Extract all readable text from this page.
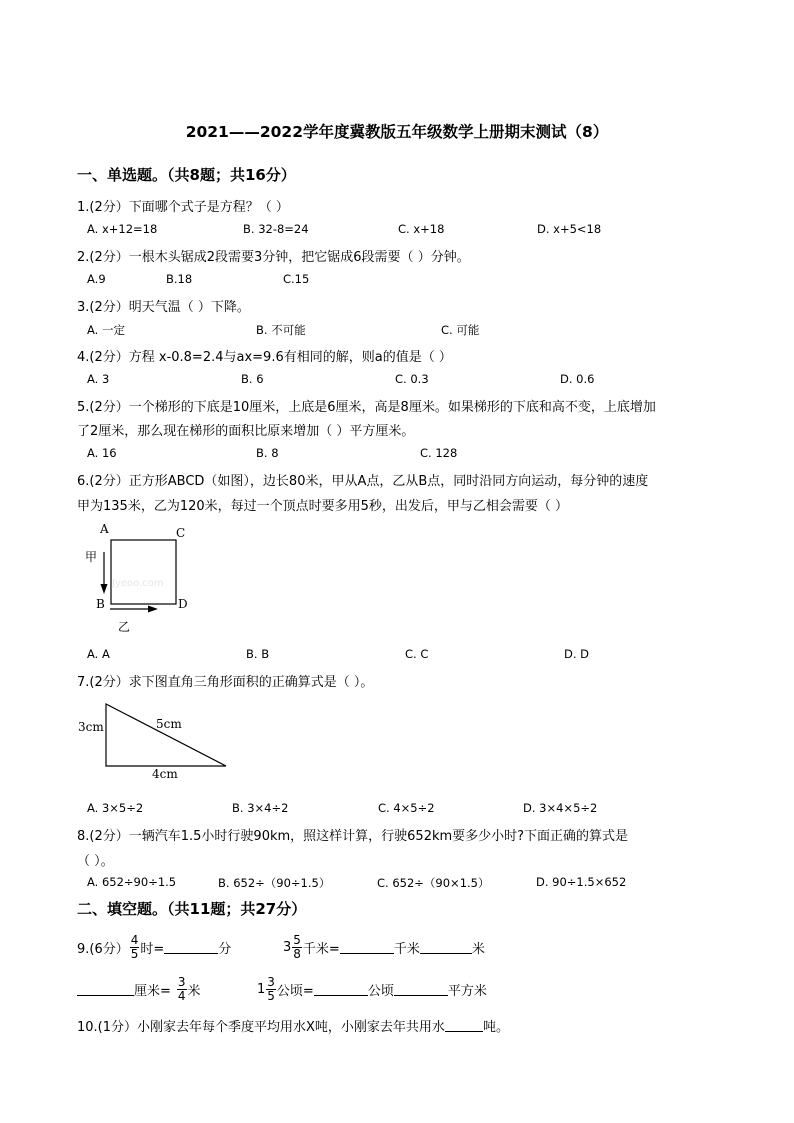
2021——2022学年度冀教版五年级数学上册期末测试（8）
一、单选题。（共8题；共16分）
1.(2分）下面哪个式子是方程？（ ）
A. x+12=18	B. 32-8=24	C. x+18	D. x+5<18
2.(2分）一根木头锯成2段需要3分钟，把它锯成6段需要（ ）分钟。
A.9	B.18	C.15
3.(2分）明天气温（ ）下降。
A. 一定	B. 不可能	C. 可能
4.(2分）方程 x-0.8=2.4与ax=9.6有相同的解，则a的值是（ ）
A. 3	B. 6	C. 0.3	D. 0.6
5.(2分）一个梯形的下底是10厘米，上底是6厘米，高是8厘米。如果梯形的下底和高不变，上底增加
了2厘米，那么现在梯形的面积比原来增加（ ）平方厘米。
A. 16	B. 8	C. 128
6.(2分）正方形ABCD（如图），边长80米，甲从A点，乙从B点，同时沿同方向运动，每分钟的速度
甲为135米，乙为120米，每过一个顶点时要多用5秒，出发后，甲与乙相会需要（ ）
A	C
B	D
甲
乙
Jyeoo.com
A. A	B. B	C. C	D. D
7.(2分）求下图直角三角形面积的正确算式是（ ）。
3cm	5cm
4cm
A. 3×5÷2	B. 3×4÷2	C. 4×5÷2	D. 3×4×5÷2
8.(2分）一辆汽车1.5小时行驶90km，照这样计算，行驶652km要多少小时?下面正确的算式是
（ ）。
A. 652÷90÷1.5	B. 652÷（90÷1.5）	C. 652÷（90×1.5）	D. 90÷1.5×652
二、填空题。（共11题；共27分）
9.(6分） $\frac{4}{5}$ 时=	分	$3 \frac{5}{8}$ 千米=	千米	米
厘米= $\frac{3}{4}$ 米	$1 \frac{3}{5}$ 公顷=	公顷	平方米
10.(1分）小刚家去年每个季度平均用水X吨，小刚家去年共用水	吨。
